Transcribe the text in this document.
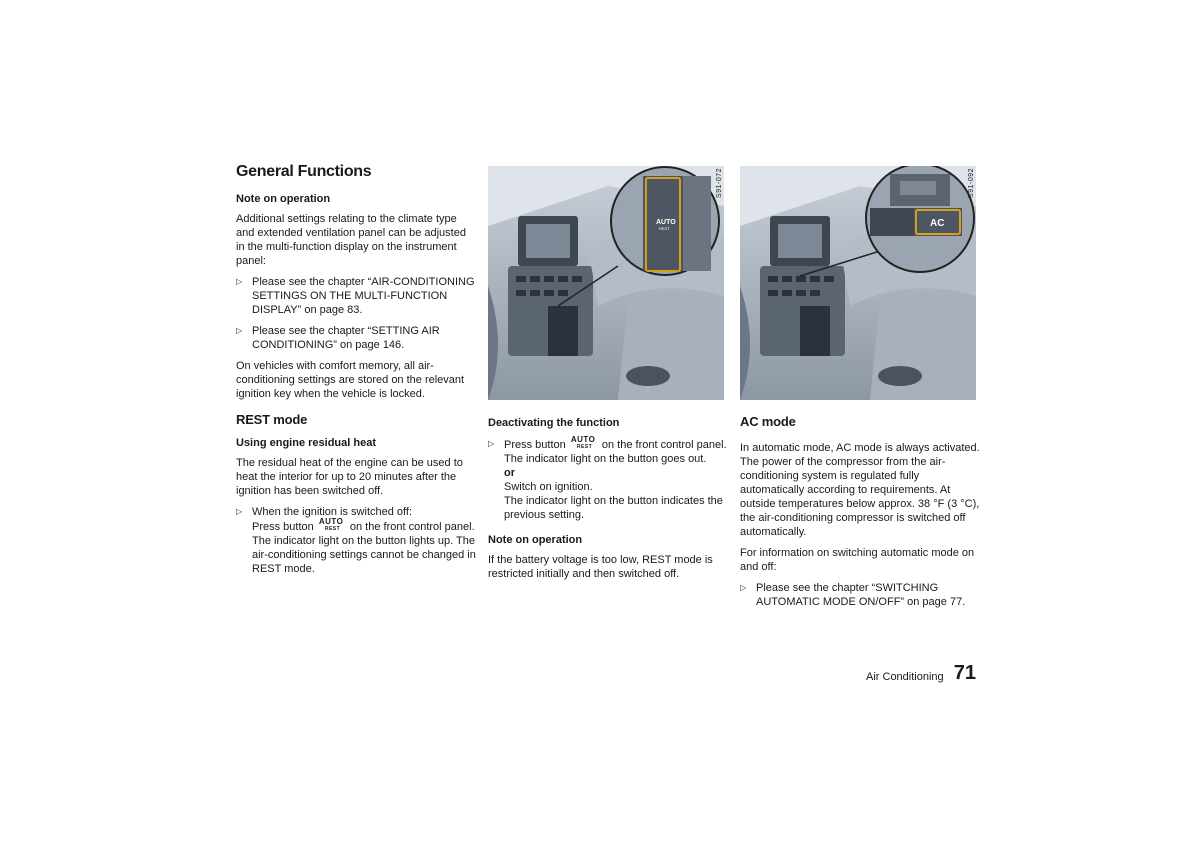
General Functions
Note on operation

Additional settings relating to the climate type and extended ventilation panel can be adjusted in the multi-function display on the instrument panel:

▷ Please see the chapter “AIR-CONDITIONING SETTINGS ON THE MULTI-FUNCTION DISPLAY” on page 83.

▷ Please see the chapter “SETTING AIR CONDITIONING” on page 146.

On vehicles with comfort memory, all air-conditioning settings are stored on the relevant ignition key when the vehicle is locked.

REST mode
Using engine residual heat

The residual heat of the engine can be used to heat the interior for up to 20 minutes after the ignition has been switched off.

▷ When the ignition is switched off:
Press button AUTO
REST on the front control panel. The indicator light on the button lights up. The air-conditioning settings cannot be changed in REST mode.
AUTO
REST
S91-072
Deactivating the function
▷ Press button AUTO
REST on the front control panel.
The indicator light on the button goes out.
or
Switch on ignition.
The indicator light on the button indicates the previous setting.
Note on operation

If the battery voltage is too low, REST mode is restricted initially and then switched off.

AC
S91-092
AC mode

In automatic mode, AC mode is always activated. The power of the compressor from the air-conditioning system is regulated fully automatically according to requirements. At outside temperatures below approx. 38 °F (3 °C), the air-conditioning compressor is switched off automatically.

For information on switching automatic mode on and off:

▷ Please see the chapter “SWITCHING AUTOMATIC MODE ON/OFF” on page 77.

Air Conditioning 71
